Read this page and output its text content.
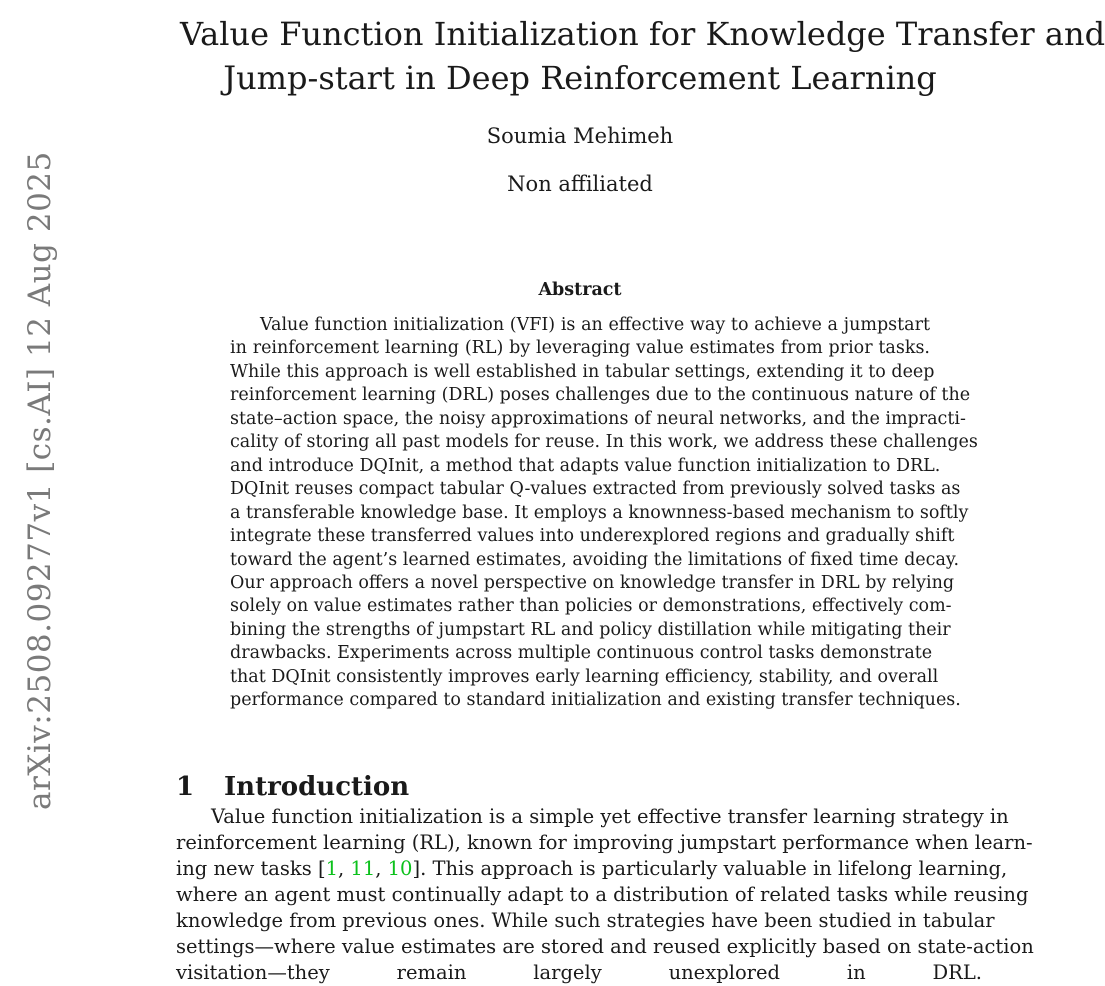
arXiv:2508.09277v1 [cs.AI] 12 Aug 2025
Value Function Initialization for Knowledge Transfer and
Jump-start in Deep Reinforcement Learning
Soumia Mehimeh
Non affiliated
Abstract
Value function initialization (VFI) is an effective way to achieve a jumpstart
in reinforcement learning (RL) by leveraging value estimates from prior tasks.
While this approach is well established in tabular settings, extending it to deep
reinforcement learning (DRL) poses challenges due to the continuous nature of the
state–action space, the noisy approximations of neural networks, and the impracti-
cality of storing all past models for reuse. In this work, we address these challenges
and introduce DQInit, a method that adapts value function initialization to DRL.
DQInit reuses compact tabular Q-values extracted from previously solved tasks as
a transferable knowledge base. It employs a knownness-based mechanism to softly
integrate these transferred values into underexplored regions and gradually shift
toward the agent’s learned estimates, avoiding the limitations of fixed time decay.
Our approach offers a novel perspective on knowledge transfer in DRL by relying
solely on value estimates rather than policies or demonstrations, effectively com-
bining the strengths of jumpstart RL and policy distillation while mitigating their
drawbacks. Experiments across multiple continuous control tasks demonstrate
that DQInit consistently improves early learning efficiency, stability, and overall
performance compared to standard initialization and existing transfer techniques.
1 Introduction
Value function initialization is a simple yet effective transfer learning strategy in
reinforcement learning (RL), known for improving jumpstart performance when learn-
ing new tasks [1, 11, 10]. This approach is particularly valuable in lifelong learning,
where an agent must continually adapt to a distribution of related tasks while reusing
knowledge from previous ones. While such strategies have been studied in tabular
settings—where value estimates are stored and reused explicitly based on state-action
visitation—they remain largely unexplored in DRL.
